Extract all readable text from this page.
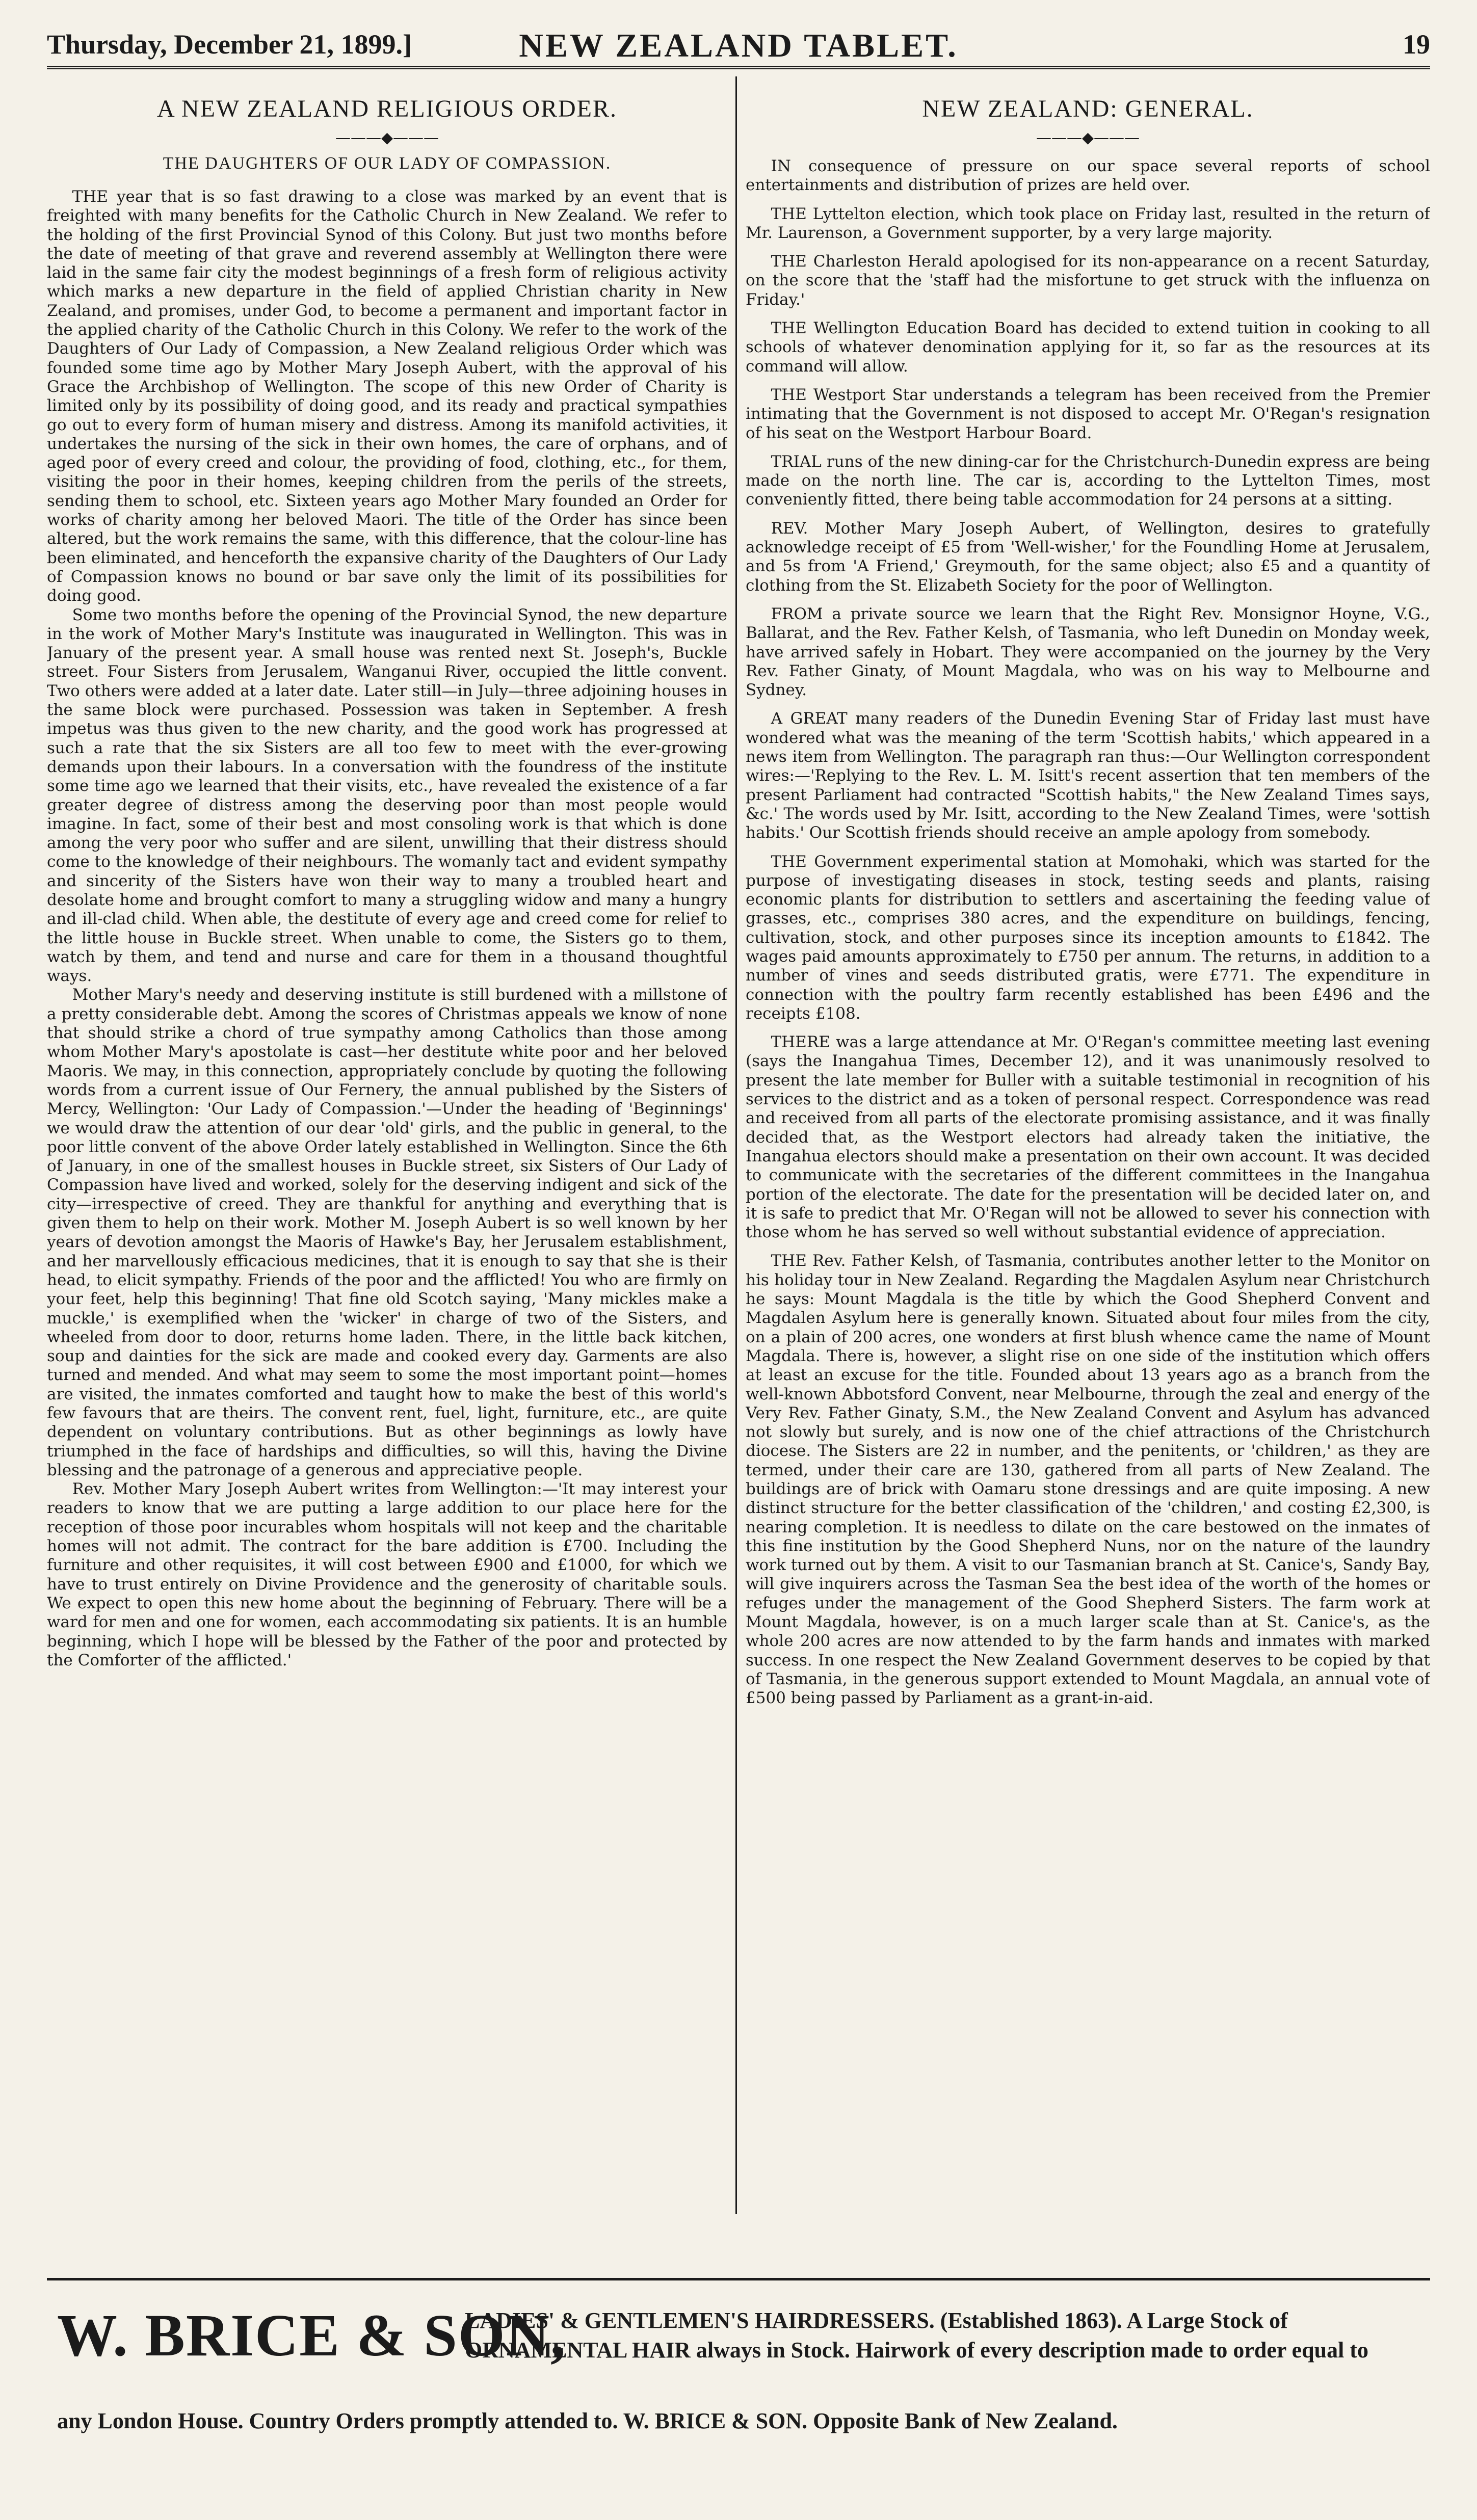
Thursday, December 21, 1899.]	NEW ZEALAND TABLET.	19
A NEW ZEALAND RELIGIOUS ORDER.
———◆———
THE DAUGHTERS OF OUR LADY OF COMPASSION.

THE year that is so fast drawing to a close was marked by an event that is freighted with many benefits for the Catholic Church in New Zealand. We refer to the holding of the first Provincial Synod of this Colony. But just two months before the date of meeting of that grave and reverend assembly at Wellington there were laid in the same fair city the modest beginnings of a fresh form of religious activity which marks a new departure in the field of applied Christian charity in New Zealand, and promises, under God, to become a permanent and important factor in the applied charity of the Catholic Church in this Colony. We refer to the work of the Daughters of Our Lady of Compassion, a New Zealand religious Order which was founded some time ago by Mother Mary Joseph Aubert, with the approval of his Grace the Archbishop of Wellington. The scope of this new Order of Charity is limited only by its possibility of doing good, and its ready and practical sympathies go out to every form of human misery and distress. Among its manifold activities, it undertakes the nursing of the sick in their own homes, the care of orphans, and of aged poor of every creed and colour, the providing of food, clothing, etc., for them, visiting the poor in their homes, keeping children from the perils of the streets, sending them to school, etc. Sixteen years ago Mother Mary founded an Order for works of charity among her beloved Maori. The title of the Order has since been altered, but the work remains the same, with this difference, that the colour-line has been eliminated, and henceforth the expansive charity of the Daughters of Our Lady of Compassion knows no bound or bar save only the limit of its possibilities for doing good.

Some two months before the opening of the Provincial Synod, the new departure in the work of Mother Mary's Institute was inaugurated in Wellington. This was in January of the present year. A small house was rented next St. Joseph's, Buckle street. Four Sisters from Jerusalem, Wanganui River, occupied the little convent. Two others were added at a later date. Later still—in July—three adjoining houses in the same block were purchased. Possession was taken in September. A fresh impetus was thus given to the new charity, and the good work has progressed at such a rate that the six Sisters are all too few to meet with the ever-growing demands upon their labours. In a conversation with the foundress of the institute some time ago we learned that their visits, etc., have revealed the existence of a far greater degree of distress among the deserving poor than most people would imagine. In fact, some of their best and most consoling work is that which is done among the very poor who suffer and are silent, unwilling that their distress should come to the knowledge of their neighbours. The womanly tact and evident sympathy and sincerity of the Sisters have won their way to many a troubled heart and desolate home and brought comfort to many a struggling widow and many a hungry and ill-clad child. When able, the destitute of every age and creed come for relief to the little house in Buckle street. When unable to come, the Sisters go to them, watch by them, and tend and nurse and care for them in a thousand thoughtful ways.

Mother Mary's needy and deserving institute is still burdened with a millstone of a pretty considerable debt. Among the scores of Christmas appeals we know of none that should strike a chord of true sympathy among Catholics than those among whom Mother Mary's apostolate is cast—her destitute white poor and her beloved Maoris. We may, in this connection, appropriately conclude by quoting the following words from a current issue of Our Fernery, the annual published by the Sisters of Mercy, Wellington: 'Our Lady of Compassion.'—Under the heading of 'Beginnings' we would draw the attention of our dear 'old' girls, and the public in general, to the poor little convent of the above Order lately established in Wellington. Since the 6th of January, in one of the smallest houses in Buckle street, six Sisters of Our Lady of Compassion have lived and worked, solely for the deserving indigent and sick of the city—irrespective of creed. They are thankful for anything and everything that is given them to help on their work. Mother M. Joseph Aubert is so well known by her years of devotion amongst the Maoris of Hawke's Bay, her Jerusalem establishment, and her marvellously efficacious medicines, that it is enough to say that she is their head, to elicit sympathy. Friends of the poor and the afflicted! You who are firmly on your feet, help this beginning! That fine old Scotch saying, 'Many mickles make a muckle,' is exemplified when the 'wicker' in charge of two of the Sisters, and wheeled from door to door, returns home laden. There, in the little back kitchen, soup and dainties for the sick are made and cooked every day. Garments are also turned and mended. And what may seem to some the most important point—homes are visited, the inmates comforted and taught how to make the best of this world's few favours that are theirs. The convent rent, fuel, light, furniture, etc., are quite dependent on voluntary contributions. But as other beginnings as lowly have triumphed in the face of hardships and difficulties, so will this, having the Divine blessing and the patronage of a generous and appreciative people.

Rev. Mother Mary Joseph Aubert writes from Wellington:—'It may interest your readers to know that we are putting a large addition to our place here for the reception of those poor incurables whom hospitals will not keep and the charitable homes will not admit. The contract for the bare addition is £700. Including the furniture and other requisites, it will cost between £900 and £1000, for which we have to trust entirely on Divine Providence and the generosity of charitable souls. We expect to open this new home about the beginning of February. There will be a ward for men and one for women, each accommodating six patients. It is an humble beginning, which I hope will be blessed by the Father of the poor and protected by the Comforter of the afflicted.'

NEW ZEALAND: GENERAL.
———◆———

IN consequence of pressure on our space several reports of school entertainments and distribution of prizes are held over.

THE Lyttelton election, which took place on Friday last, resulted in the return of Mr. Laurenson, a Government supporter, by a very large majority.

THE Charleston Herald apologised for its non-appearance on a recent Saturday, on the score that the 'staff had the misfortune to get struck with the influenza on Friday.'

THE Wellington Education Board has decided to extend tuition in cooking to all schools of whatever denomination applying for it, so far as the resources at its command will allow.

THE Westport Star understands a telegram has been received from the Premier intimating that the Government is not disposed to accept Mr. O'Regan's resignation of his seat on the Westport Harbour Board.

TRIAL runs of the new dining-car for the Christchurch-Dunedin express are being made on the north line. The car is, according to the Lyttelton Times, most conveniently fitted, there being table accommodation for 24 persons at a sitting.

REV. Mother Mary Joseph Aubert, of Wellington, desires to gratefully acknowledge receipt of £5 from 'Well-wisher,' for the Foundling Home at Jerusalem, and 5s from 'A Friend,' Greymouth, for the same object; also £5 and a quantity of clothing from the St. Elizabeth Society for the poor of Wellington.

FROM a private source we learn that the Right Rev. Monsignor Hoyne, V.G., Ballarat, and the Rev. Father Kelsh, of Tasmania, who left Dunedin on Monday week, have arrived safely in Hobart. They were accompanied on the journey by the Very Rev. Father Ginaty, of Mount Magdala, who was on his way to Melbourne and Sydney.

A GREAT many readers of the Dunedin Evening Star of Friday last must have wondered what was the meaning of the term 'Scottish habits,' which appeared in a news item from Wellington. The paragraph ran thus:—Our Wellington correspondent wires:—'Replying to the Rev. L. M. Isitt's recent assertion that ten members of the present Parliament had contracted "Scottish habits," the New Zealand Times says, &c.' The words used by Mr. Isitt, according to the New Zealand Times, were 'sottish habits.' Our Scottish friends should receive an ample apology from somebody.

THE Government experimental station at Momohaki, which was started for the purpose of investigating diseases in stock, testing seeds and plants, raising economic plants for distribution to settlers and ascertaining the feeding value of grasses, etc., comprises 380 acres, and the expenditure on buildings, fencing, cultivation, stock, and other purposes since its inception amounts to £1842. The wages paid amounts approximately to £750 per annum. The returns, in addition to a number of vines and seeds distributed gratis, were £771. The expenditure in connection with the poultry farm recently established has been £496 and the receipts £108.

THERE was a large attendance at Mr. O'Regan's committee meeting last evening (says the Inangahua Times, December 12), and it was unanimously resolved to present the late member for Buller with a suitable testimonial in recognition of his services to the district and as a token of personal respect. Correspondence was read and received from all parts of the electorate promising assistance, and it was finally decided that, as the Westport electors had already taken the initiative, the Inangahua electors should make a presentation on their own account. It was decided to communicate with the secretaries of the different committees in the Inangahua portion of the electorate. The date for the presentation will be decided later on, and it is safe to predict that Mr. O'Regan will not be allowed to sever his connection with those whom he has served so well without substantial evidence of appreciation.

THE Rev. Father Kelsh, of Tasmania, contributes another letter to the Monitor on his holiday tour in New Zealand. Regarding the Magdalen Asylum near Christchurch he says: Mount Magdala is the title by which the Good Shepherd Convent and Magdalen Asylum here is generally known. Situated about four miles from the city, on a plain of 200 acres, one wonders at first blush whence came the name of Mount Magdala. There is, however, a slight rise on one side of the institution which offers at least an excuse for the title. Founded about 13 years ago as a branch from the well-known Abbotsford Convent, near Melbourne, through the zeal and energy of the Very Rev. Father Ginaty, S.M., the New Zealand Convent and Asylum has advanced not slowly but surely, and is now one of the chief attractions of the Christchurch diocese. The Sisters are 22 in number, and the penitents, or 'children,' as they are termed, under their care are 130, gathered from all parts of New Zealand. The buildings are of brick with Oamaru stone dressings and are quite imposing. A new distinct structure for the better classification of the 'children,' and costing £2,300, is nearing completion. It is needless to dilate on the care bestowed on the inmates of this fine institution by the Good Shepherd Nuns, nor on the nature of the laundry work turned out by them. A visit to our Tasmanian branch at St. Canice's, Sandy Bay, will give inquirers across the Tasman Sea the best idea of the worth of the homes or refuges under the management of the Good Shepherd Sisters. The farm work at Mount Magdala, however, is on a much larger scale than at St. Canice's, as the whole 200 acres are now attended to by the farm hands and inmates with marked success. In one respect the New Zealand Government deserves to be copied by that of Tasmania, in the generous support extended to Mount Magdala, an annual vote of £500 being passed by Parliament as a grant-in-aid.

W. BRICE & SON,
LADIES' & GENTLEMEN'S HAIRDRESSERS. (Established 1863). A Large Stock of ORNAMENTAL HAIR always in Stock. Hairwork of every description made to order equal to
any London House. Country Orders promptly attended to. W. BRICE & SON. Opposite Bank of New Zealand.
